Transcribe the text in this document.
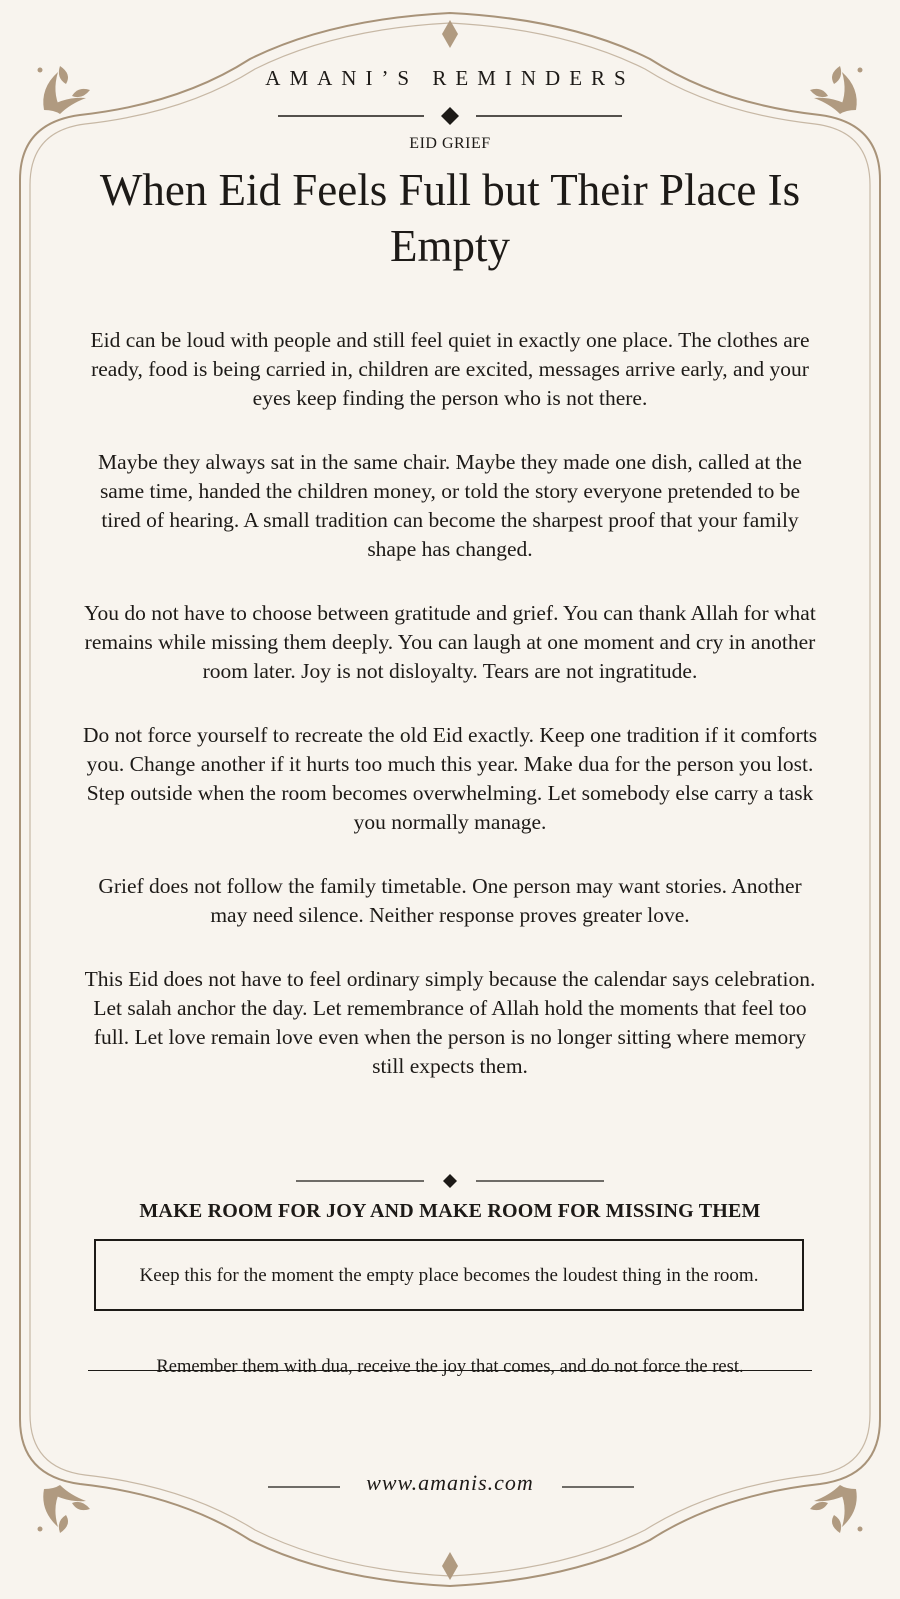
AMANI’S REMINDERS
EID GRIEF
When Eid Feels Full but Their Place Is Empty

Eid can be loud with people and still feel quiet in exactly one place. The clothes are ready, food is being carried in, children are excited, messages arrive early, and your eyes keep finding the person who is not there.

Maybe they always sat in the same chair. Maybe they made one dish, called at the same time, handed the children money, or told the story everyone pretended to be tired of hearing. A small tradition can become the sharpest proof that your family shape has changed.

You do not have to choose between gratitude and grief. You can thank Allah for what remains while missing them deeply. You can laugh at one moment and cry in another room later. Joy is not disloyalty. Tears are not ingratitude.

Do not force yourself to recreate the old Eid exactly. Keep one tradition if it comforts you. Change another if it hurts too much this year. Make dua for the person you lost. Step outside when the room becomes overwhelming. Let somebody else carry a task you normally manage.

Grief does not follow the family timetable. One person may want stories. Another may need silence. Neither response proves greater love.

This Eid does not have to feel ordinary simply because the calendar says celebration. Let salah anchor the day. Let remembrance of Allah hold the moments that feel too full. Let love remain love even when the person is no longer sitting where memory still expects them.

MAKE ROOM FOR JOY AND MAKE ROOM FOR MISSING THEM
Keep this for the moment the empty place becomes the loudest thing in the room.
Remember them with dua, receive the joy that comes, and do not force the rest.
www.amanis.com
